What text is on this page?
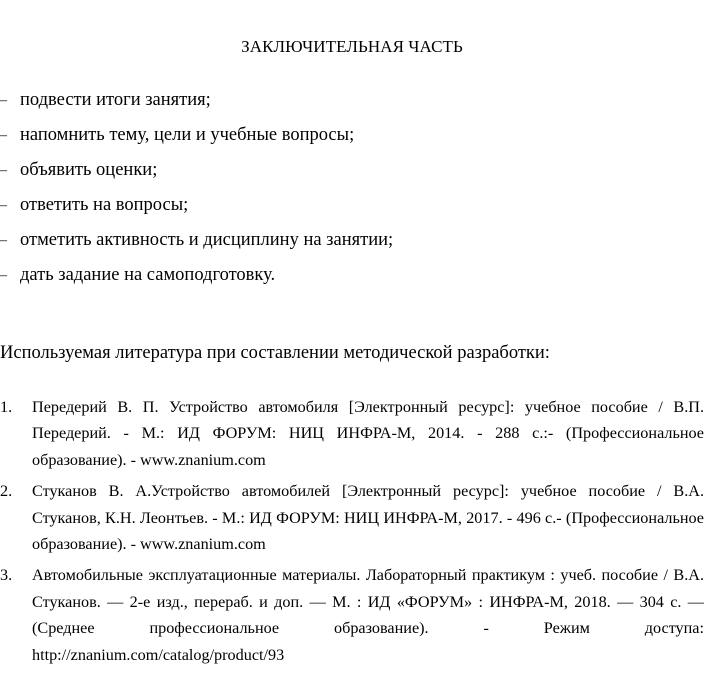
ЗАКЛЮЧИТЕЛЬНАЯ ЧАСТЬ
– подвести итоги занятия;
– напомнить тему, цели и учебные вопросы;
– объявить оценки;
– ответить на вопросы;
– отметить активность и дисциплину на занятии;
– дать задание на самоподготовку.
Используемая литература при составлении методической разработки:
1. Передерий В. П. Устройство автомобиля [Электронный ресурс]: учебное пособие / В.П. Передерий. - М.: ИД ФОРУМ: НИЦ ИНФРА-М, 2014. - 288 с.:- (Профессиональное образование). - www.znanium.com
2. Стуканов В. А.Устройство автомобилей [Электронный ресурс]: учебное пособие / В.А. Стуканов, К.Н. Леонтьев. - М.: ИД ФОРУМ: НИЦ ИНФРА-М, 2017. - 496 с.- (Профессиональное образование). - www.znanium.com
3. Автомобильные эксплуатационные материалы. Лабораторный практикум : учеб. пособие / В.А. Стуканов. — 2-е изд., перераб. и доп. — М. : ИД «ФОРУМ» : ИНФРА-М, 2018. — 304 с. — (Среднее профессиональное образование). - Режим доступа: http://znanium.com/catalog/product/93
